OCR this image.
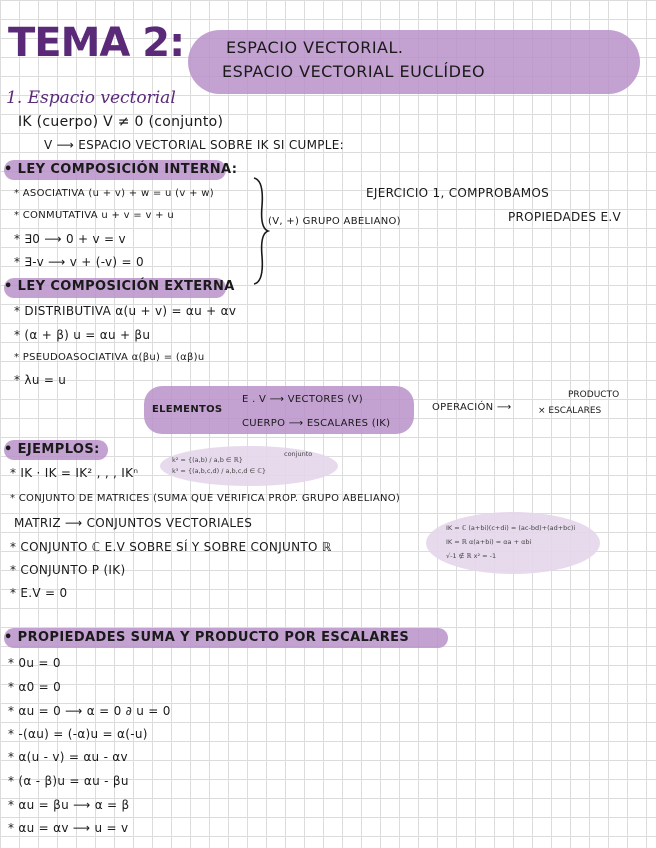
TEMA 2:	ESPACIO VECTORIAL.
ESPACIO VECTORIAL EUCLÍDEO
1. Espacio vectorial
IK (cuerpo) V ≠ 0 (conjunto)
V ⟶ ESPACIO VECTORIAL SOBRE IK SI CUMPLE:
• LEY COMPOSICIÓN INTERNA:
* ASOCIATIVA (u + v) + w = u (v + w)
* CONMUTATIVA u + v = v + u
* ∃0 ⟶ 0 + v = v
* ∃-v ⟶ v + (-v) = 0
(V, +) GRUPO ABELIANO)
EJERCICIO 1, COMPROBAMOS
PROPIEDADES E.V
• LEY COMPOSICIÓN EXTERNA
* DISTRIBUTIVA α(u + v) = αu + αv
* (α + β) u = αu + βu
* PSEUDOASOCIATIVA α(βu) = (αβ)u
* λu = u
ELEMENTOS
E . V ⟶ VECTORES (V)
CUERPO ⟶ ESCALARES (IK)
OPERACIÓN ⟶
PRODUCTO
× ESCALARES
• EJEMPLOS:
k² = {(a,b) / a,b ∈ ℝ}
k³ = {(a,b,c,d) / a,b,c,d ∈ ℂ}
conjunto
* IK · IK = IK² , , , IKⁿ
* CONJUNTO DE MATRICES (SUMA QUE VERIFICA PROP. GRUPO ABELIANO)
MATRIZ ⟶ CONJUNTOS VECTORIALES
* CONJUNTO ℂ E.V SOBRE SÍ Y SOBRE CONJUNTO ℝ
* CONJUNTO P (IK)
* E.V = 0
IK = ℂ (a+bi)(c+di) = (ac-bd)+(ad+bc)i
IK = ℝ α(a+bi) = αa + αbi
√-1 ∉ ℝ x² = -1
• PROPIEDADES SUMA Y PRODUCTO POR ESCALARES
* 0u = 0
* α0 = 0
* αu = 0 ⟶ α = 0 ∂ u = 0
* -(αu) = (-α)u = α(-u)
* α(u - v) = αu - αv
* (α - β)u = αu - βu
* αu = βu ⟶ α = β
* αu = αv ⟶ u = v
